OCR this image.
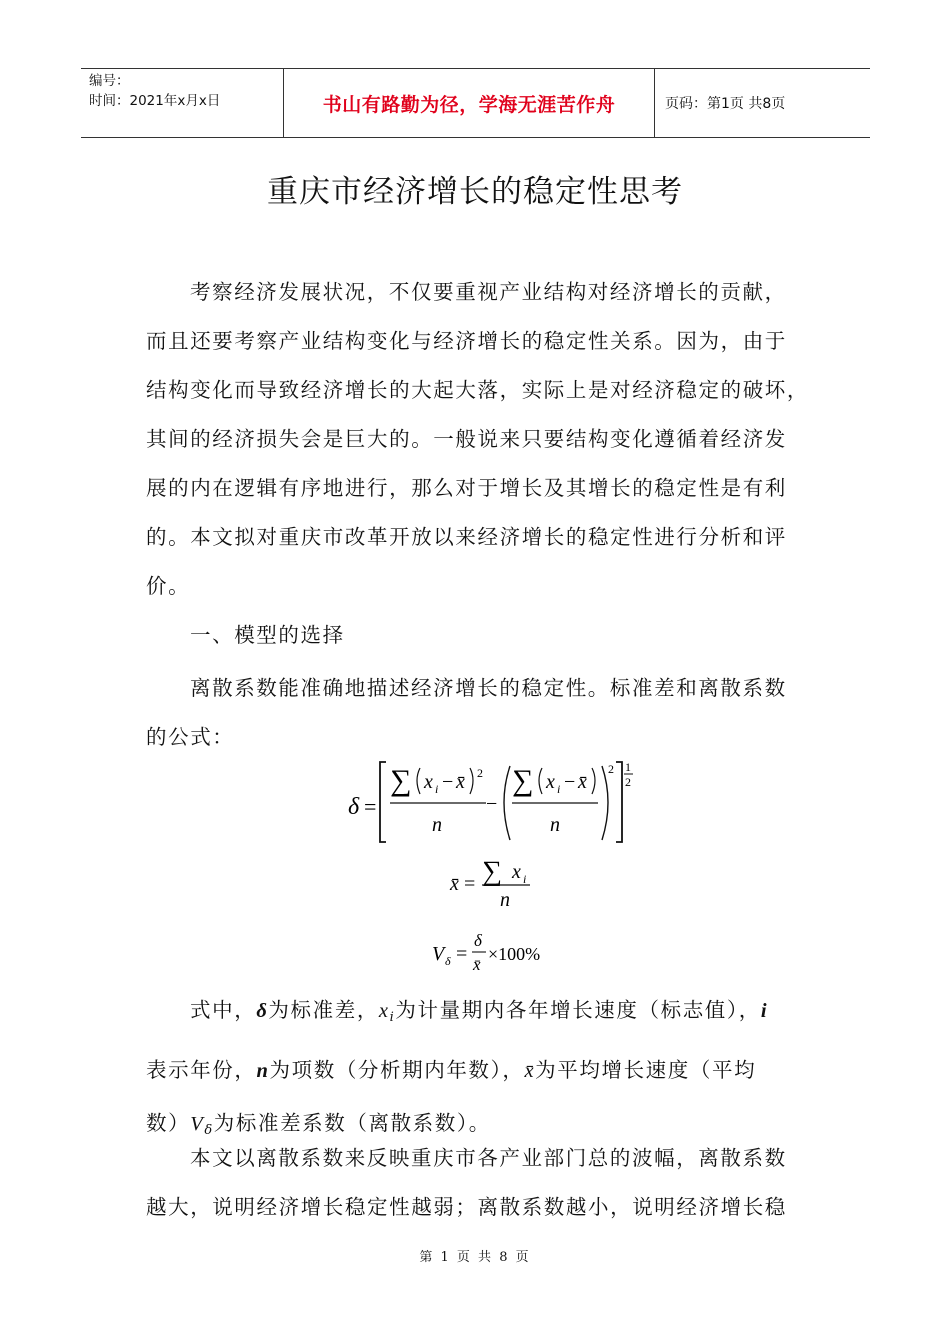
编号：
时间：2021年x月x日	书山有路勤为径，学海无涯苦作舟	页码：第1页 共8页
重庆市经济增长的稳定性思考
考察经济发展状况，不仅要重视产业结构对经济增长的贡献，
而且还要考察产业结构变化与经济增长的稳定性关系。因为，由于
结构变化而导致经济增长的大起大落，实际上是对经济稳定的破坏，
其间的经济损失会是巨大的。一般说来只要结构变化遵循着经济发
展的内在逻辑有序地进行，那么对于增长及其增长的稳定性是有利
的。本文拟对重庆市改革开放以来经济增长的稳定性进行分析和评
价。
一、模型的选择
离散系数能准确地描述经济增长的稳定性。标准差和离散系数
的公式：
δ =
∑ x i − x̄ 2
n
−
∑ x i − x̄
n
2 1
2
x̄ = ∑ x i
n
V δ =
δ
x̄
×100%
式中，δ为标准差，$x_i$为计量期内各年增长速度（标志值），i
表示年份，n为项数（分析期内年数），x̄为平均增长速度（平均
数）$V_\delta$为标准差系数（离散系数）。
本文以离散系数来反映重庆市各产业部门总的波幅，离散系数
越大，说明经济增长稳定性越弱；离散系数越小，说明经济增长稳
第 1 页 共 8 页
